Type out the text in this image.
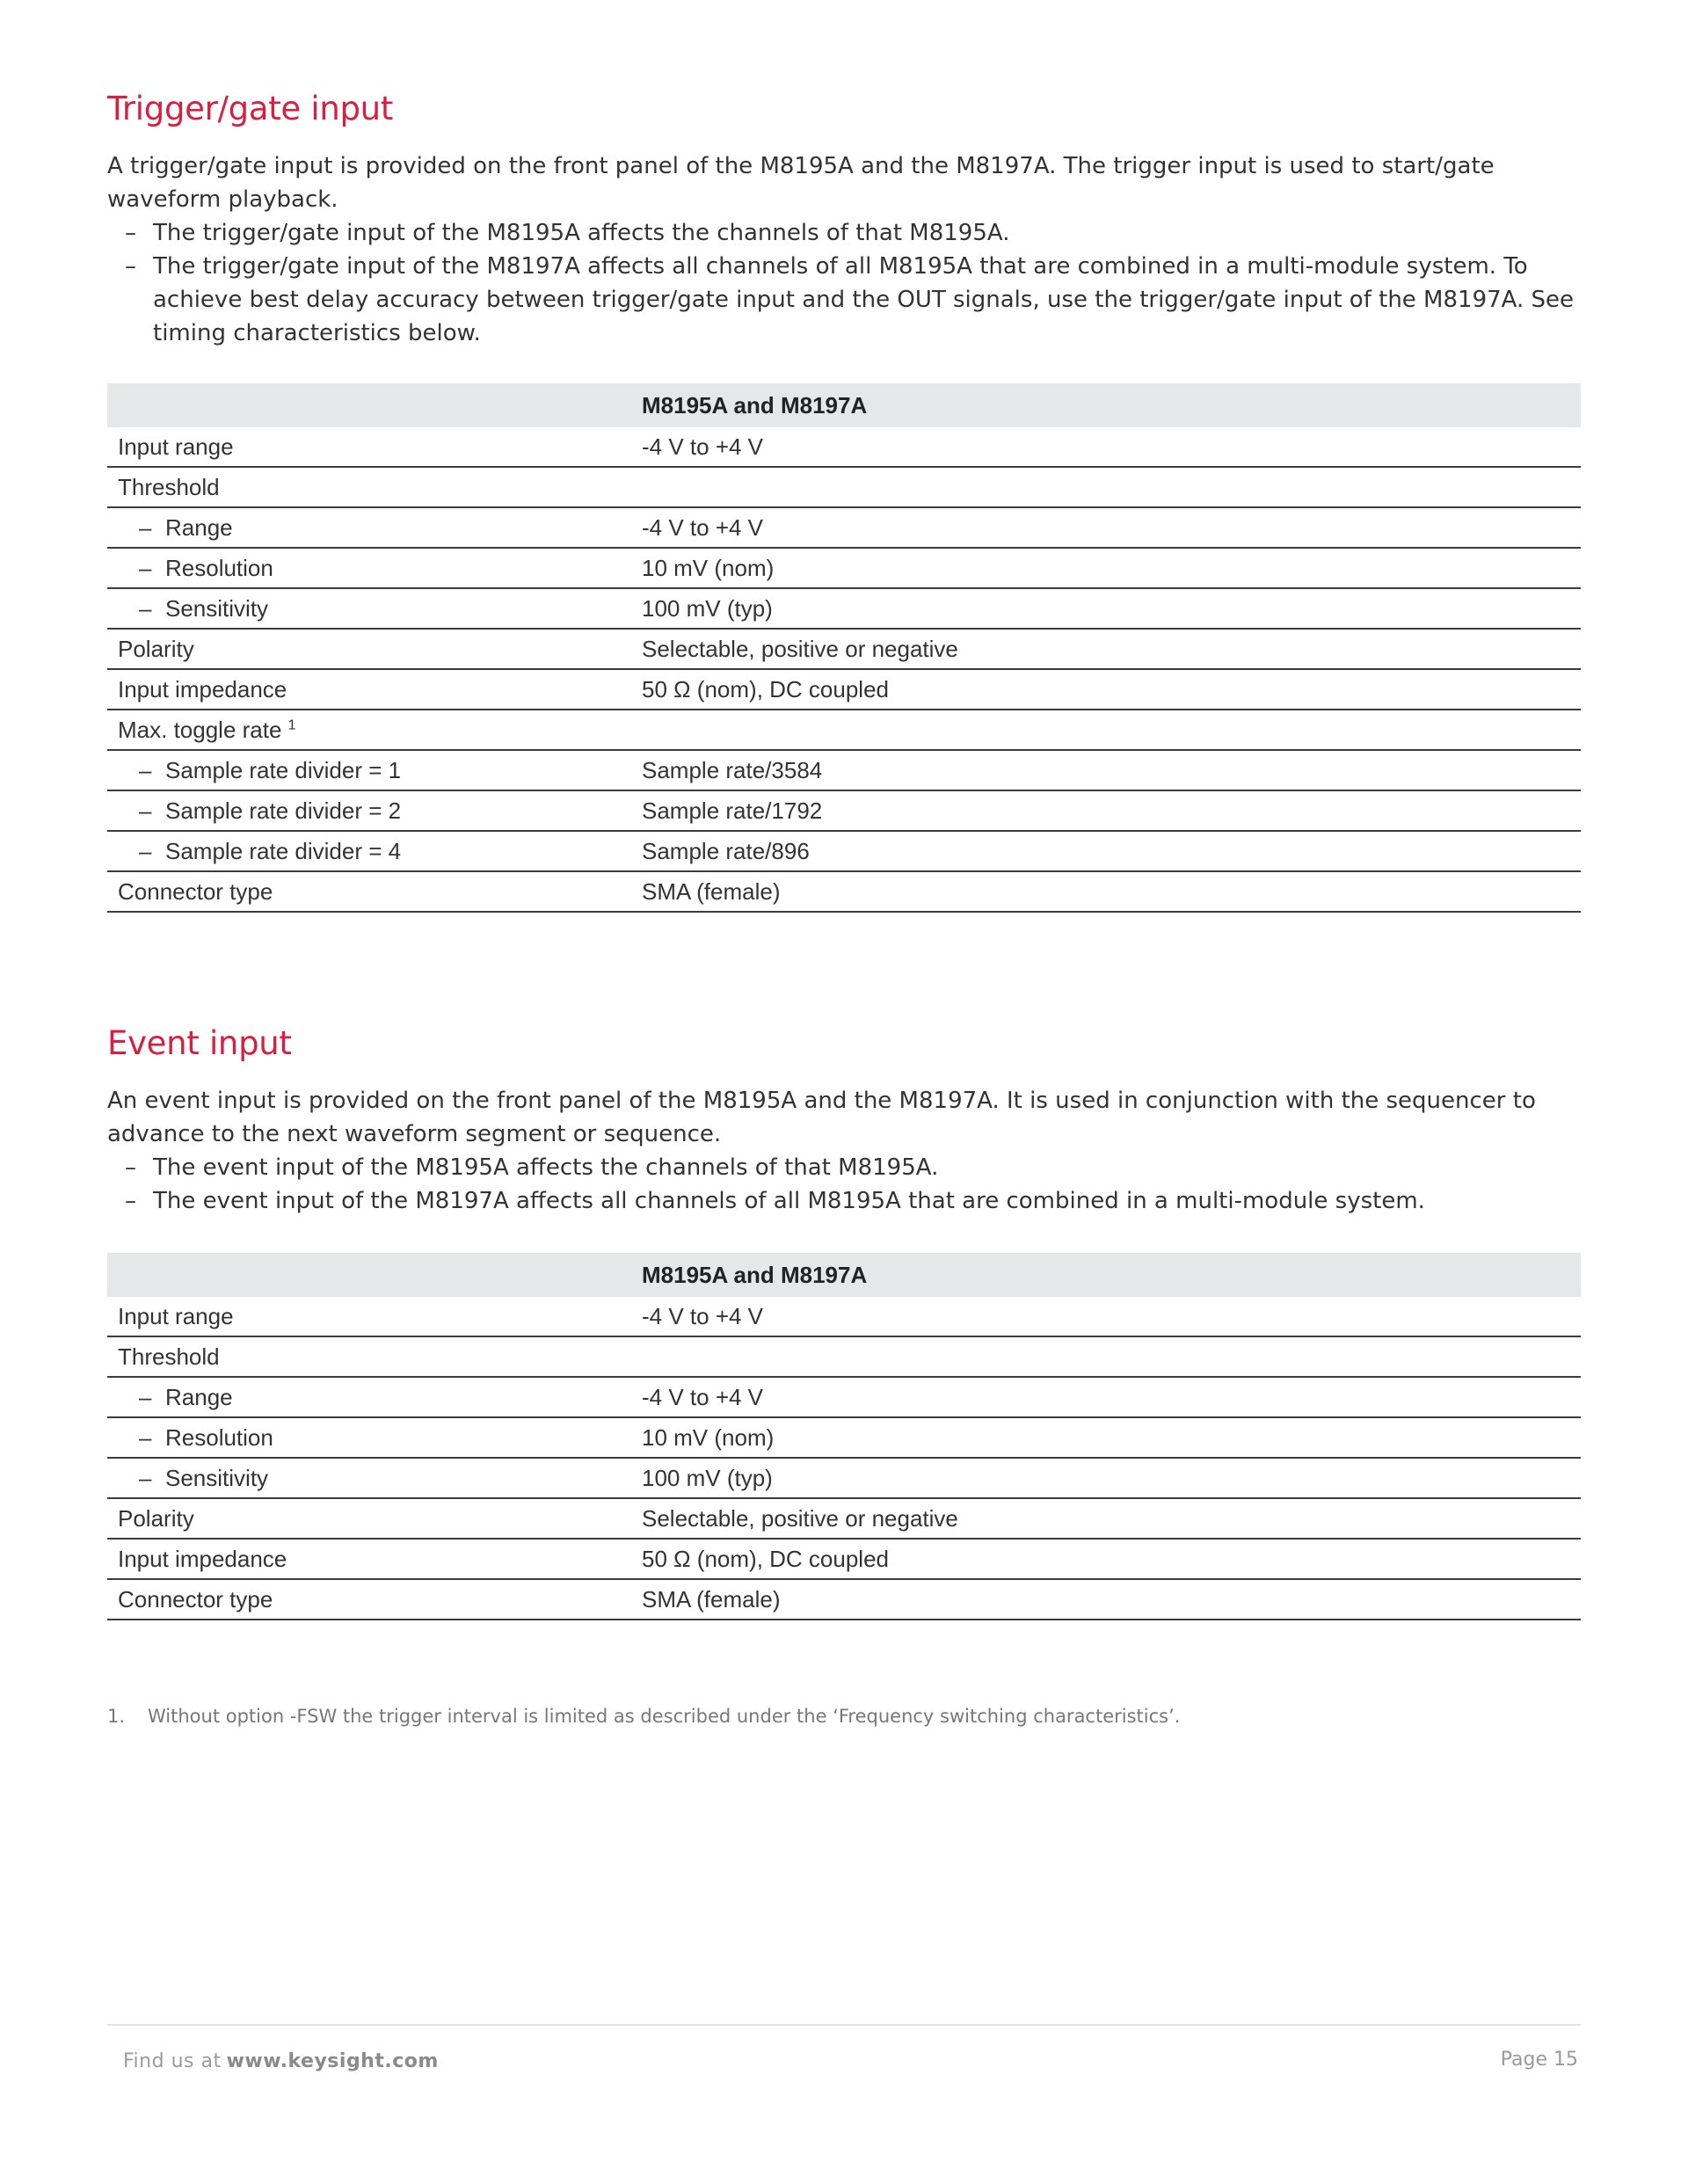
Trigger/gate input

A trigger/gate input is provided on the front panel of the M8195A and the M8197A. The trigger input is used to start/gate waveform playback.

– The trigger/gate input of the M8195A affects the channels of that M8195A.
– The trigger/gate input of the M8197A affects all channels of all M8195A that are combined in a multi-module system. To achieve best delay accuracy between trigger/gate input and the OUT signals, use the trigger/gate input of the M8197A. See timing characteristics below.
	M8195A and M8197A
Input range	-4 V to +4 V
Threshold	
– Range	-4 V to +4 V
– Resolution	10 mV (nom)
– Sensitivity	100 mV (typ)
Polarity	Selectable, positive or negative
Input impedance	50 Ω (nom), DC coupled
Max. toggle rate $^1$	
– Sample rate divider = 1	Sample rate/3584
– Sample rate divider = 2	Sample rate/1792
– Sample rate divider = 4	Sample rate/896
Connector type	SMA (female)
Event input

An event input is provided on the front panel of the M8195A and the M8197A. It is used in conjunction with the sequencer to advance to the next waveform segment or sequence.

– The event input of the M8195A affects the channels of that M8195A.
– The event input of the M8197A affects all channels of all M8195A that are combined in a multi-module system.
	M8195A and M8197A
Input range	-4 V to +4 V
Threshold	
– Range	-4 V to +4 V
– Resolution	10 mV (nom)
– Sensitivity	100 mV (typ)
Polarity	Selectable, positive or negative
Input impedance	50 Ω (nom), DC coupled
Connector type	SMA (female)
1. Without option -FSW the trigger interval is limited as described under the ‘Frequency switching characteristics’.
Find us at www.keysight.com	Page 15
